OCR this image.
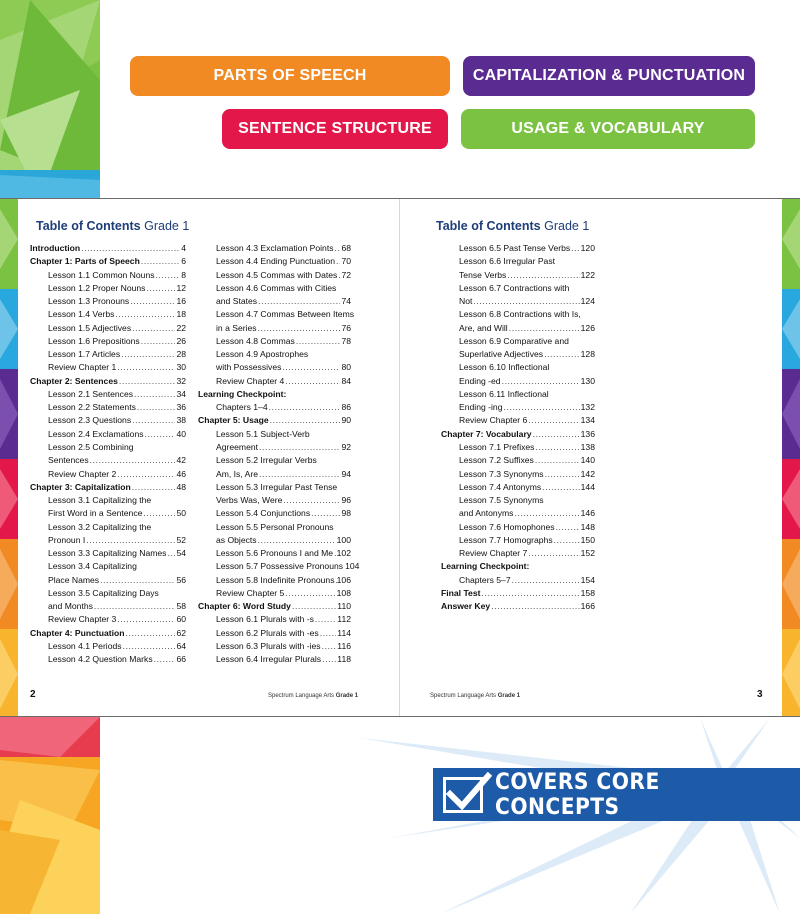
PARTS OF SPEECH	CAPITALIZATION & PUNCTUATION
SENTENCE STRUCTURE	USAGE & VOCABULARY
Table of Contents Grade 1
Introduction .....	4
Chapter 1: Parts of Speech .....	6
Lesson 1.1 Common Nouns .....	8
Lesson 1.2 Proper Nouns .....	12
Lesson 1.3 Pronouns .....	16
Lesson 1.4 Verbs .....	18
Lesson 1.5 Adjectives .....	22
Lesson 1.6 Prepositions .....	26
Lesson 1.7 Articles .....	28
Review Chapter 1 .....	30
Chapter 2: Sentences .....	32
Lesson 2.1 Sentences .....	34
Lesson 2.2 Statements .....	36
Lesson 2.3 Questions .....	38
Lesson 2.4 Exclamations .....	40
Lesson 2.5 Combining
Sentences .....	42
Review Chapter 2 .....	46
Chapter 3: Capitalization .....	48
Lesson 3.1 Capitalizing the
First Word in a Sentence .....	50
Lesson 3.2 Capitalizing the
Pronoun I .....	52
Lesson 3.3 Capitalizing Names ..... 54
Lesson 3.4 Capitalizing
Place Names .....	56
Lesson 3.5 Capitalizing Days
and Months .....	58
Review Chapter 3 .....	60
Chapter 4: Punctuation .....	62
Lesson 4.1 Periods .....	64
Lesson 4.2 Question Marks .....	66
Lesson 4.3 Exclamation Points ..... 68
Lesson 4.4 Ending Punctuation ..... 70
Lesson 4.5 Commas with Dates ..... 72
Lesson 4.6 Commas with Cities
and States .....	74
Lesson 4.7 Commas Between Items
in a Series .....	76
Lesson 4.8 Commas .....	78
Lesson 4.9 Apostrophes
with Possessives .....	80
Review Chapter 4 .....	84
Learning Checkpoint:
Chapters 1–4 .....	86
Chapter 5: Usage .....	90
Lesson 5.1 Subject-Verb
Agreement .....	92
Lesson 5.2 Irregular Verbs
Am, Is, Are .....	94
Lesson 5.3 Irregular Past Tense
Verbs Was, Were .....	96
Lesson 5.4 Conjunctions .....	98
Lesson 5.5 Personal Pronouns
as Objects .....	100
Lesson 5.6 Pronouns I and Me ..... 102
Lesson 5.7 Possessive Pronouns 104
Lesson 5.8 Indefinite Pronouns ..... 106
Review Chapter 5 .....	108
Chapter 6: Word Study .....	110
Lesson 6.1 Plurals with -s .....	112
Lesson 6.2 Plurals with -es ..... 114
Lesson 6.3 Plurals with -ies ..... 116
Lesson 6.4 Irregular Plurals ..... 118
2	Spectrum Language Arts Grade 1
Table of Contents Grade 1
Lesson 6.5 Past Tense Verbs ..... 120
Lesson 6.6 Irregular Past
Tense Verbs .....	122
Lesson 6.7 Contractions with
Not .....	124
Lesson 6.8 Contractions with Is,
Are, and Will .....	126
Lesson 6.9 Comparative and
Superlative Adjectives .....	128
Lesson 6.10 Inflectional
Ending -ed .....	130
Lesson 6.11 Inflectional
Ending -ing .....	132
Review Chapter 6 .....	134
Chapter 7: Vocabulary .....	136
Lesson 7.1 Prefixes .....	138
Lesson 7.2 Suffixes .....	140
Lesson 7.3 Synonyms .....	142
Lesson 7.4 Antonyms .....	144
Lesson 7.5 Synonyms
and Antonyms .....	146
Lesson 7.6 Homophones .....	148
Lesson 7.7 Homographs .....	150
Review Chapter 7 .....	152
Learning Checkpoint:
Chapters 5–7 .....	154
Final Test .....	158
Answer Key .....	166
Spectrum Language Arts Grade 1	3
COVERS CORE CONCEPTS
